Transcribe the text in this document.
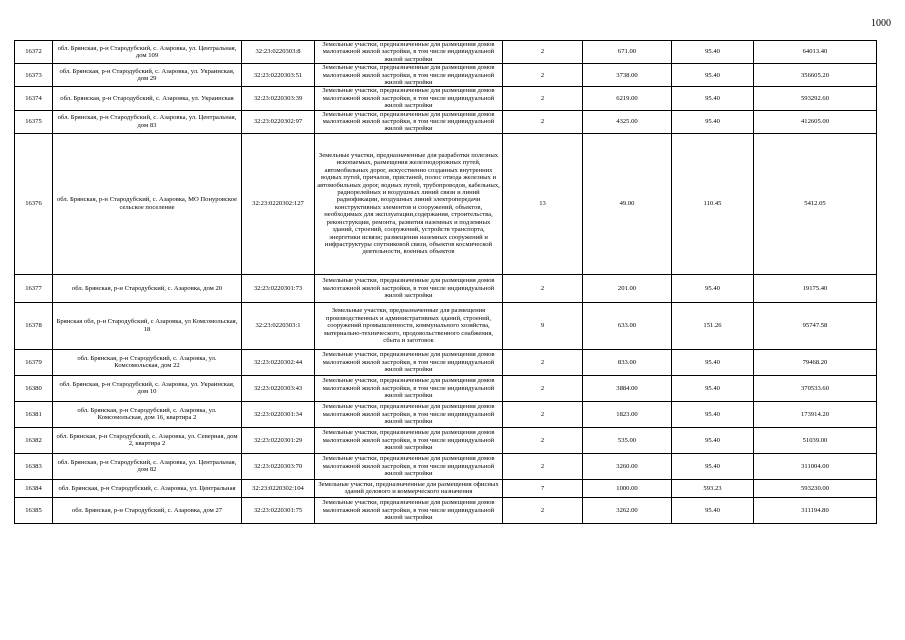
1000
16372	обл. Брянская, р-н Стародубский, с. Азаровка, ул. Центральная, дом 109	32:23:0220303:8	Земельные участки, предназначенные для размещения домов малоэтажной жилой застройки, в том числе индивидуальной жилой застройки	2	671.00	95.40	64013.40
16373	обл. Брянская, р-н Стародубский, с. Азаровка, ул. Украинская, дом 29	32:23:0220303:51	Земельные участки, предназначенные для размещения домов малоэтажной жилой застройки, в том числе индивидуальной жилой застройки	2	3738.00	95.40	356605.20
16374	обл. Брянская, р-н Стародубский, с. Азаровка, ул. Украинская	32:23:0220303:39	Земельные участки, предназначенные для размещения домов малоэтажной жилой застройки, в том числе индивидуальной жилой застройки	2	6219.00	95.40	593292.60
16375	обл. Брянская, р-н Стародубский, с. Азаровка, ул. Центральная, дом 83	32:23:0220302:97	Земельные участки, предназначенные для размещения домов малоэтажной жилой застройки, в том числе индивидуальной жилой застройки	2	4325.00	95.40	412605.00
16376	обл. Брянская, р-н Стародубский, с. Азаровка, МО Понуровское сельское поселение	32:23:0220302:127	Земельные участки, предназначенные для разработки полезных ископаемых, размещения железнодорожных путей, автомобильных дорог, искусственно созданных внутренних водных путей, причалов, пристаней, полос отвода железных и автомобильных дорог, водных путей, трубопроводов, кабельных, радиорелейных и воздушных линий связи и линий радиофикации, воздушных линий электропередачи конструктивных элементов и сооружений, объектов, необходимых для эксплуатации,содержания, строительства, реконструкции, ремонта, развития наземных и подземных зданий, строений, сооружений, устройств транспорта, энергетики исвязи; размещения наземных сооружений и инфраструктуры спутниковой связи, объектов космической деятельности, военных объектов	13	49.00	110.45	5412.05
16377	обл. Брянская, р-н Стародубский, с. Азаровка, дом 20	32:23:0220301:73	Земельные участки, предназначенные для размещения домов малоэтажной жилой застройки, в том числе индивидуальной жилой застройки	2	201.00	95.40	19175.40
16378	Брянская обл, р-н Стародубский, с Азаровка, ул Комсомольская, 18	32:23:0220303:1	Земельные участки, предназначенные для размещения производственных и административных зданий, строений, сооружений промышленности, коммунального хозяйства, материально-технического, продовольственного снабжения, сбыта и заготовок	9	633.00	151.26	95747.58
16379	обл. Брянская, р-н Стародубский, с. Азаровка, ул. Комсомольская, дом 22	32:23:0220302:44	Земельные участки, предназначенные для размещения домов малоэтажной жилой застройки, в том числе индивидуальной жилой застройки	2	833.00	95.40	79468.20
16380	обл. Брянская, р-н Стародубский, с. Азаровка, ул. Украинская, дом 10	32:23:0220303:43	Земельные участки, предназначенные для размещения домов малоэтажной жилой застройки, в том числе индивидуальной жилой застройки	2	3884.00	95.40	370533.60
16381	обл. Брянская, р-н Стародубский, с. Азаровка, ул. Комсомольская, дом 16, квартира 2	32:23:0220301:34	Земельные участки, предназначенные для размещения домов малоэтажной жилой застройки, в том числе индивидуальной жилой застройки	2	1823.00	95.40	173914.20
16382	обл. Брянская, р-н Стародубский, с. Азаровка, ул. Северная, дом 2, квартира 2	32:23:0220301:29	Земельные участки, предназначенные для размещения домов малоэтажной жилой застройки, в том числе индивидуальной жилой застройки	2	535.00	95.40	51039.00
16383	обл. Брянская, р-н Стародубский, с. Азаровка, ул. Центральная, дом 82	32:23:0220303:70	Земельные участки, предназначенные для размещения домов малоэтажной жилой застройки, в том числе индивидуальной жилой застройки	2	3260.00	95.40	311004.00
16384	обл. Брянская, р-н Стародубский, с. Азаровка, ул. Центральная	32:23:0220302:104	Земельные участки, предназначенные для размещения офисных зданий делового и коммерческого назначения	7	1000.00	593.23	593230.00
16385	обл. Брянская, р-н Стародубский, с. Азаровка, дом 27	32:23:0220301:75	Земельные участки, предназначенные для размещения домов малоэтажной жилой застройки, в том числе индивидуальной жилой застройки	2	3262.00	95.40	311194.80
